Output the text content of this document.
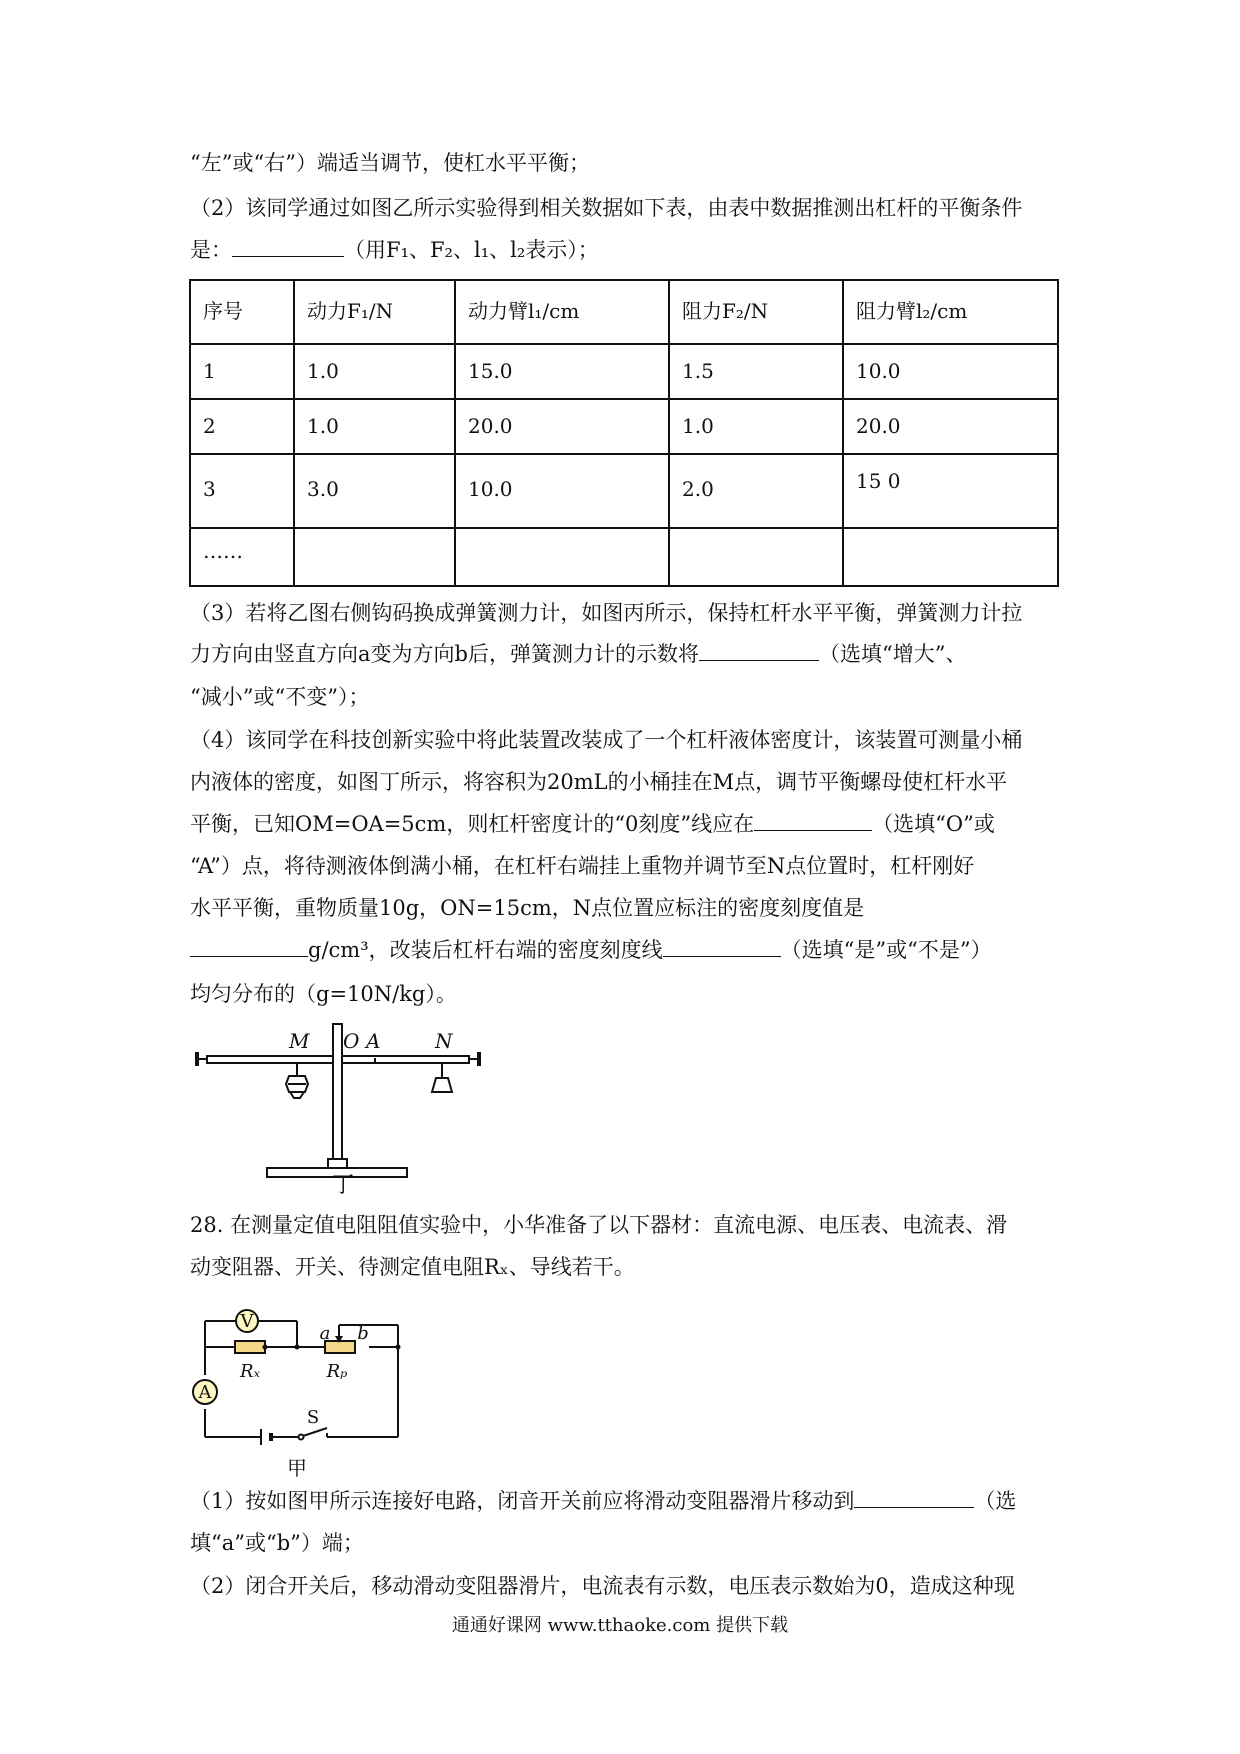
“左”或“右”）端适当调节，使杠水平平衡；
（2）该同学通过如图乙所示实验得到相关数据如下表，由表中数据推测出杠杆的平衡条件
是：	（用F₁、F₂、l₁、l₂表示）；
序号	动力F₁/N	动力臂l₁/cm	阻力F₂/N	阻力臂l₂/cm
1	1.0	15.0	1.5	10.0
2	1.0	20.0	1.0	20.0
3	3.0	10.0	2.0	15 0
……				
（3）若将乙图右侧钩码换成弹簧测力计，如图丙所示，保持杠杆水平平衡，弹簧测力计拉
力方向由竖直方向a变为方向b后，弹簧测力计的示数将	（选填“增大”、
“减小”或“不变”）；
（4）该同学在科技创新实验中将此装置改装成了一个杠杆液体密度计，该装置可测量小桶
内液体的密度，如图丁所示，将容积为20mL的小桶挂在M点，调节平衡螺母使杠杆水平
平衡，已知OM=OA=5cm，则杠杆密度计的“0刻度”线应在	（选填“O”或
“A”）点，将待测液体倒满小桶，在杠杆右端挂上重物并调节至N点位置时，杠杆刚好
水平平衡，重物质量10g，ON=15cm，N点位置应标注的密度刻度值是
g/cm³，改装后杠杆右端的密度刻度线	（选填“是”或“不是”）
均匀分布的（g=10N/kg）。
M O A	N
丁
28. 在测量定值电阻阻值实验中，小华准备了以下器材：直流电源、电压表、电流表、滑
动变阻器、开关、待测定值电阻Rₓ、导线若干。
V
A
Rₓ	Rₚ
a b
S
甲
（1）按如图甲所示连接好电路，闭音开关前应将滑动变阻器滑片移动到	（选
填“a”或“b”）端；
（2）闭合开关后，移动滑动变阻器滑片，电流表有示数，电压表示数始为0，造成这种现
通通好课网 www.tthaoke.com 提供下载
